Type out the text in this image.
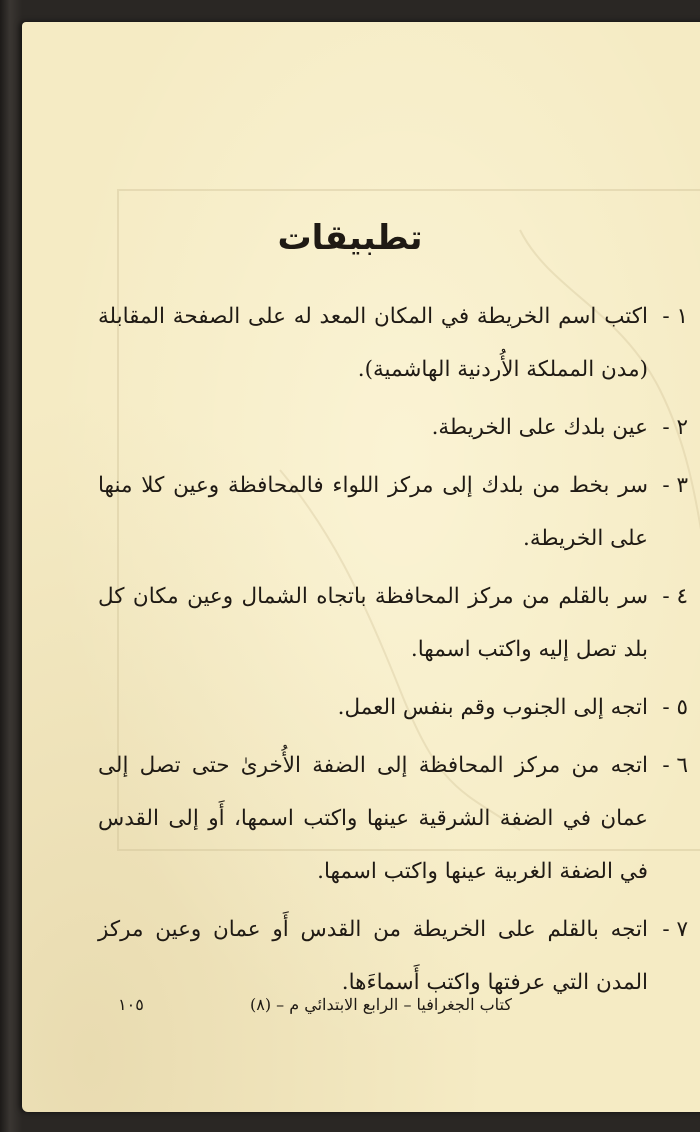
تطبيقات
١ -
اكتب اسم الخريطة في المكان المعد له على الصفحة المقابلة (مدن المملكة الأُردنية الهاشمية).
٢ -
عين بلدك على الخريطة.
٣ -
سر بخط من بلدك إلى مركز اللواء فالمحافظة وعين كلا منها على الخريطة.
٤ -
سر بالقلم من مركز المحافظة باتجاه الشمال وعين مكان كل بلد تصل إليه واكتب اسمها.
٥ -
اتجه إلى الجنوب وقم بنفس العمل.
٦ -
اتجه من مركز المحافظة إلى الضفة الأُخرىٰ حتى تصل إلى عمان في الضفة الشرقية عينها واكتب اسمها، أَو إلى القدس في الضفة الغربية عينها واكتب اسمها.
٧ -
اتجه بالقلم على الخريطة من القدس أَو عمان وعين مركز المدن التي عرفتها واكتب أَسماءَها.
كتاب الجغرافيا – الرابع الابتدائي م – (٨)
١٠٥
